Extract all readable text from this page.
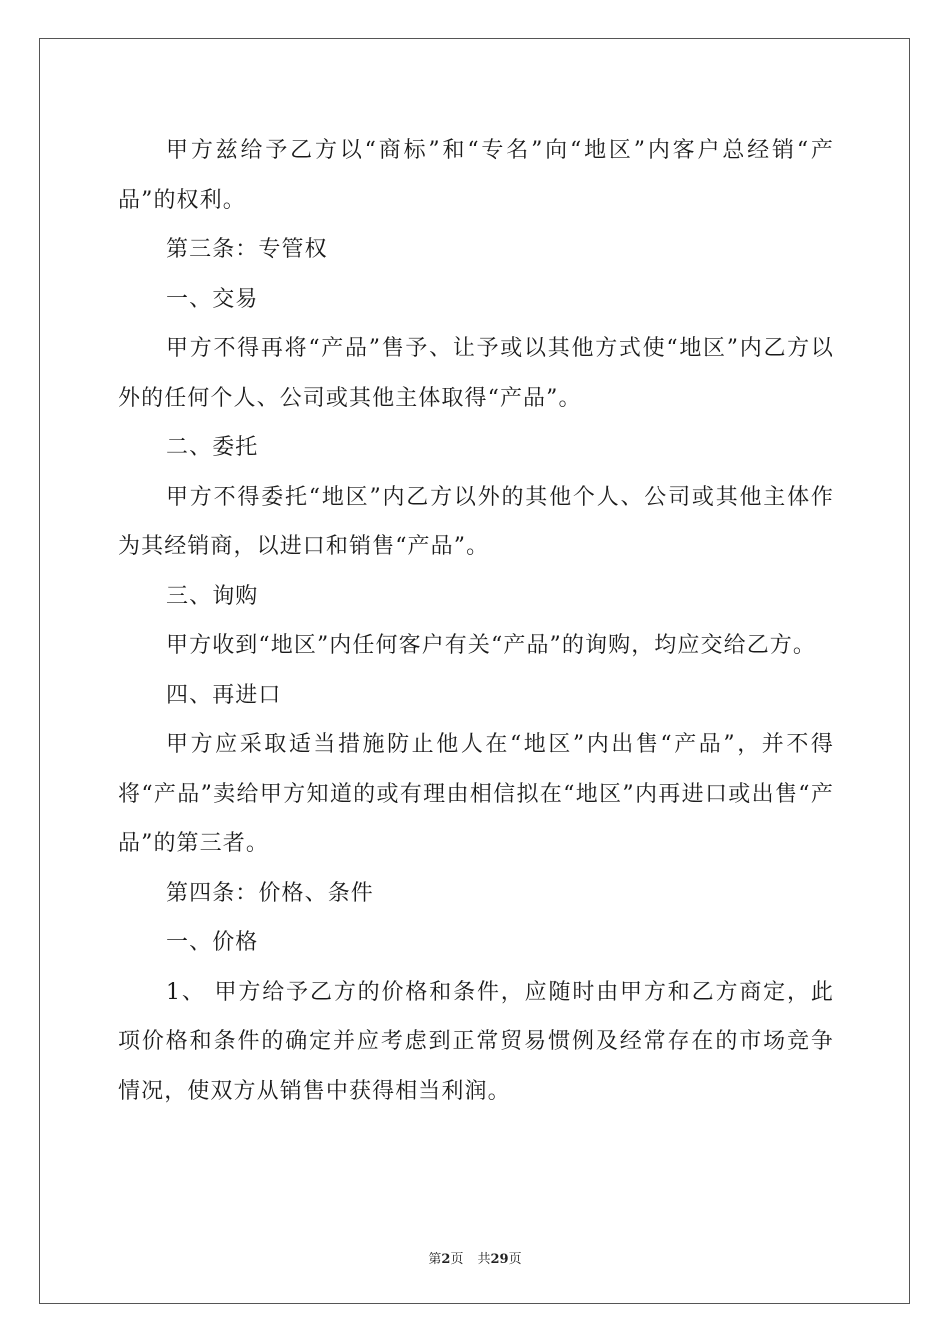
甲方兹给予乙方以“商标”和“专名”向“地区”内客户总经销“产品”的权利。

第三条：专管权

一、交易

甲方不得再将“产品”售予、让予或以其他方式使“地区”内乙方以外的任何个人、公司或其他主体取得“产品”。

二、委托

甲方不得委托“地区”内乙方以外的其他个人、公司或其他主体作为其经销商，以进口和销售“产品”。

三、询购

甲方收到“地区”内任何客户有关“产品”的询购，均应交给乙方。

四、再进口

甲方应采取适当措施防止他人在“地区”内出售“产品”，并不得将“产品”卖给甲方知道的或有理由相信拟在“地区”内再进口或出售“产品”的第三者。

第四条：价格、条件

一、价格

1、 甲方给予乙方的价格和条件，应随时由甲方和乙方商定，此项价格和条件的确定并应考虑到正常贸易惯例及经常存在的市场竞争情况，使双方从销售中获得相当利润。

第2页 共29页
